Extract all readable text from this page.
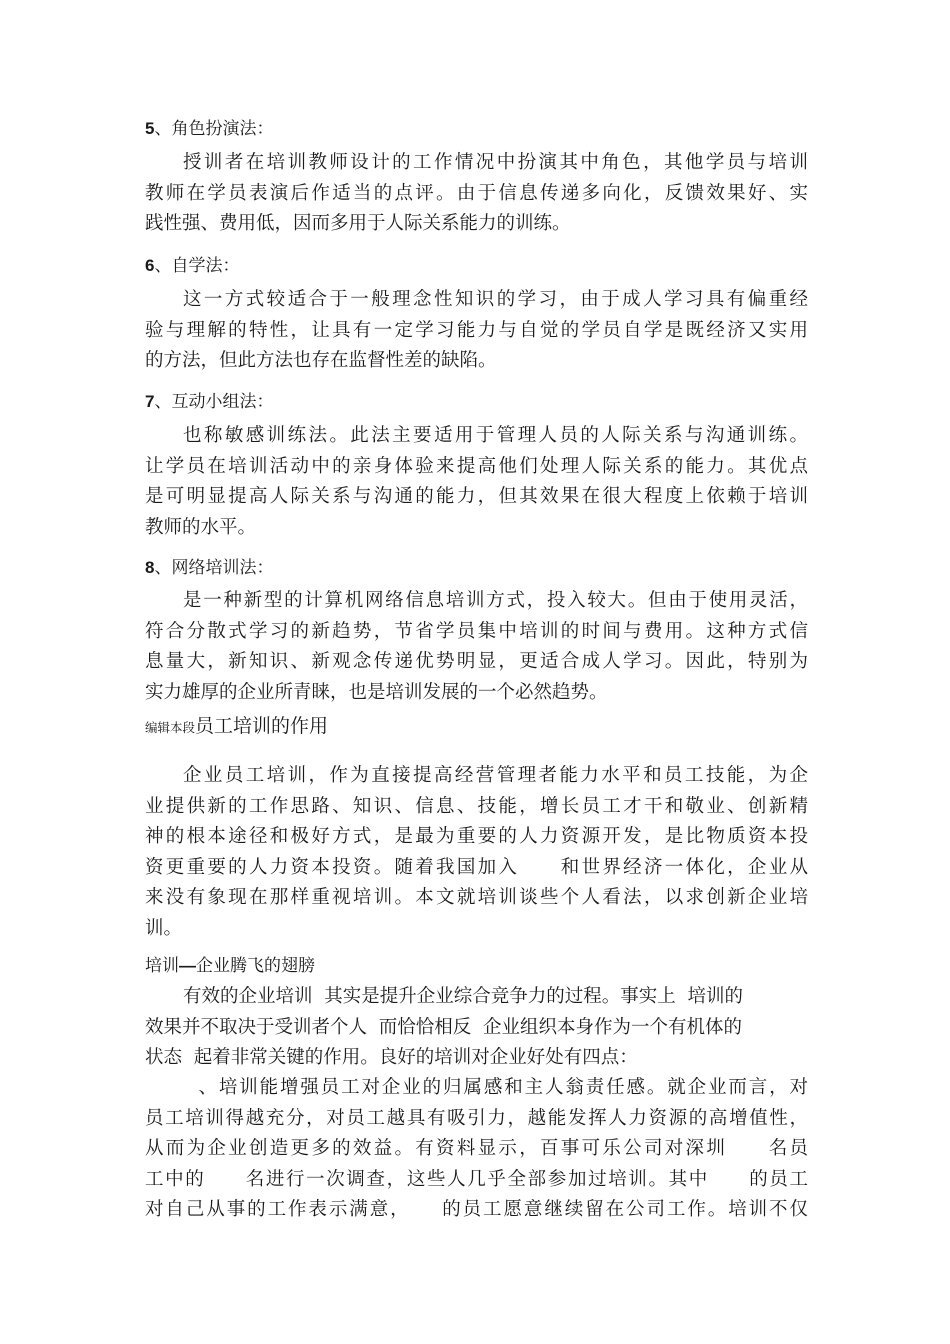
5、角色扮演法：
授训者在培训教师设计的工作情况中扮演其中角色，其他学员与培训
教师在学员表演后作适当的点评。由于信息传递多向化，反馈效果好、实
践性强、费用低，因而多用于人际关系能力的训练。
6、自学法：
这一方式较适合于一般理念性知识的学习，由于成人学习具有偏重经
验与理解的特性，让具有一定学习能力与自觉的学员自学是既经济又实用
的方法，但此方法也存在监督性差的缺陷。
7、互动小组法：
也称敏感训练法。此法主要适用于管理人员的人际关系与沟通训练。
让学员在培训活动中的亲身体验来提高他们处理人际关系的能力。其优点
是可明显提高人际关系与沟通的能力，但其效果在很大程度上依赖于培训
教师的水平。
8、网络培训法：
是一种新型的计算机网络信息培训方式，投入较大。但由于使用灵活，
符合分散式学习的新趋势，节省学员集中培训的时间与费用。这种方式信
息量大，新知识、新观念传递优势明显，更适合成人学习。因此，特别为
实力雄厚的企业所青睐，也是培训发展的一个必然趋势。
编辑本段员工培训的作用
企业员工培训，作为直接提高经营管理者能力水平和员工技能，为企
业提供新的工作思路、知识、信息、技能，增长员工才干和敬业、创新精
神的根本途径和极好方式，是最为重要的人力资源开发，是比物质资本投
资更重要的人力资本投资。随着我国加入　　和世界经济一体化，企业从
来没有象现在那样重视培训。本文就培训谈些个人看法，以求创新企业培
训。
培训—企业腾飞的翅膀
有效的企业培训  其实是提升企业综合竞争力的过程。事实上  培训的
效果并不取决于受训者个人  而恰恰相反  企业组织本身作为一个有机体的
状态  起着非常关键的作用。良好的培训对企业好处有四点：
、培训能增强员工对企业的归属感和主人翁责任感。就企业而言，对
员工培训得越充分，对员工越具有吸引力，越能发挥人力资源的高增值性，
从而为企业创造更多的效益。有资料显示，百事可乐公司对深圳　　名员
工中的　　名进行一次调查，这些人几乎全部参加过培训。其中　　的员工
对自己从事的工作表示满意，　　的员工愿意继续留在公司工作。培训不仅
